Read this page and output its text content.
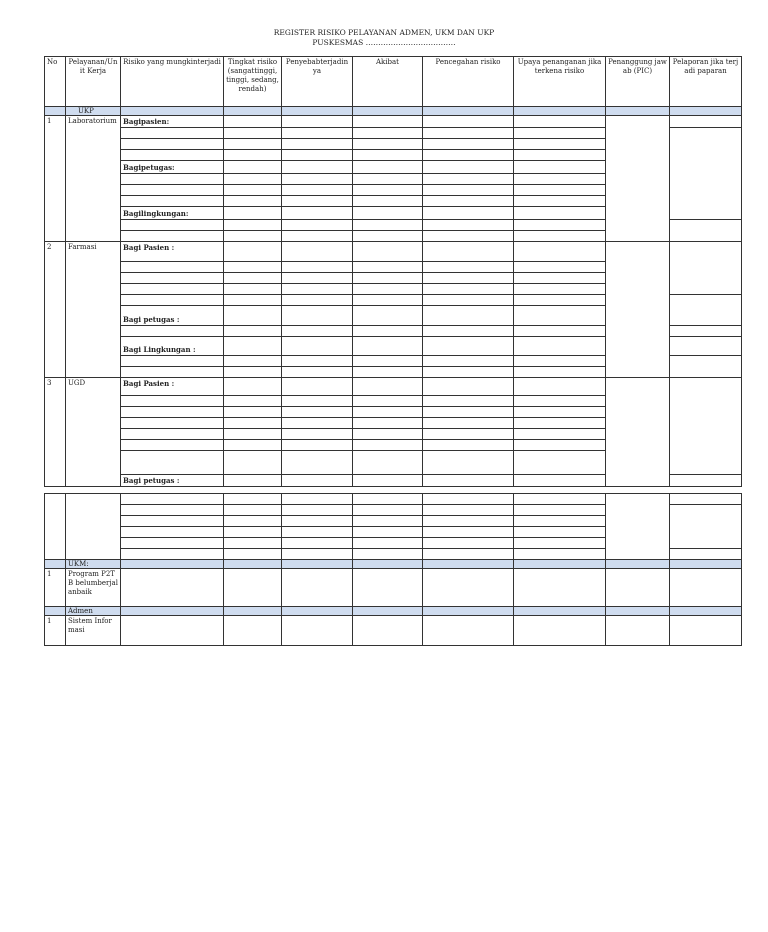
REGISTER RISIKO PELAYANAN ADMEN, UKM DAN UKP
PUSKESMAS ………………………………
No	Pelayanan/Unit Kerja	Risiko yang mungkinterjadi	Tingkat risiko (sangattinggi, tinggi, sedang, rendah)	Penyebabterjadinya	Akibat	Pencegahan risiko	Upaya penanganan jika terkena risiko	Penanggung jawab (PIC)	Pelaporan jika terjadi paparan
	UKP								
1	Laboratorium	Bagipasien:							

		Bagipetugas:							

		Bagilingkungan:							

2	Farmasi	Bagi Pasien :							

		Bagi petugas :							

		Bagi Lingkungan :							

3	UGD	Bagi Pasien :							

		Bagi petugas :							

	UKM:								
1	Program P2TB belumberjalanbaik								
	Admen								
1	Sistem Informasi								
